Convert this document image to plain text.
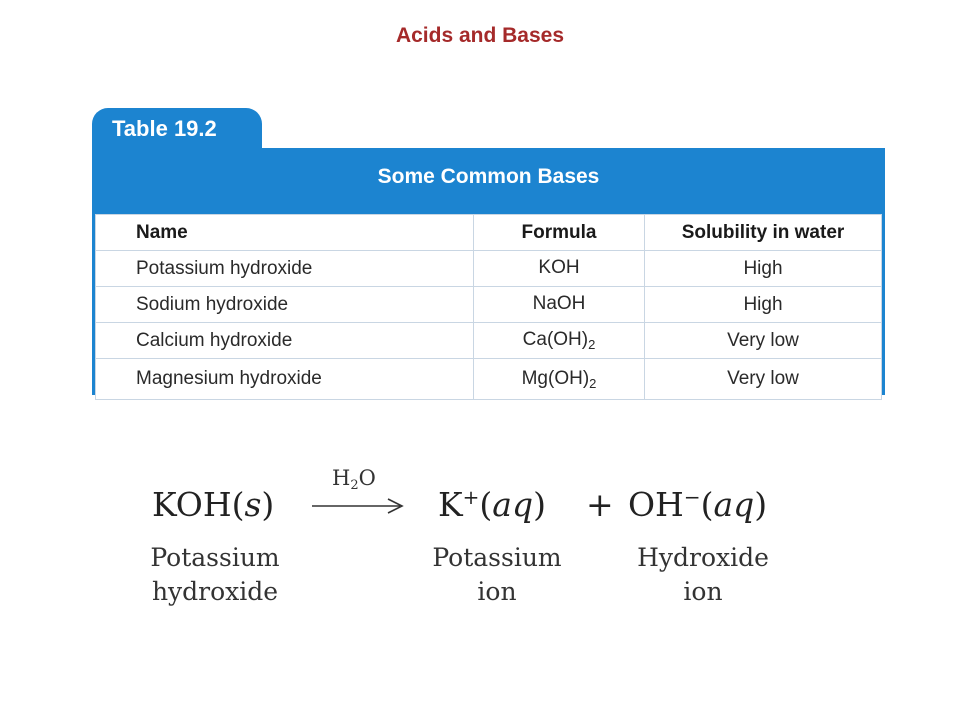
Acids and Bases
Table 19.2
Some Common Bases
Name	Formula	Solubility in water
Potassium hydroxide	KOH	High
Sodium hydroxide	NaOH	High
Calcium hydroxide	$Ca(OH)_2$	Very low
Magnesium hydroxide	$Mg(OH)_2$	Very low
KOH(s)
$H_2O$
K+(aq) + OH−(aq)
Potassium
hydroxide
Potassium
ion
Hydroxide
ion
